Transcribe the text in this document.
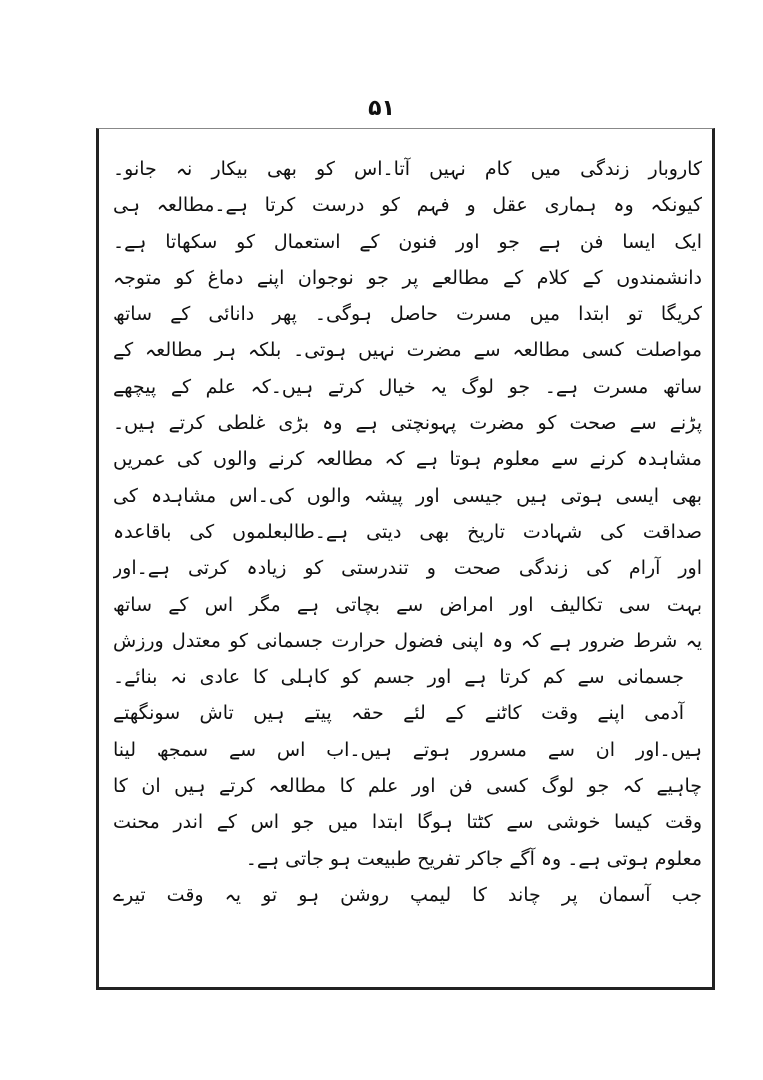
۵۱
کاروبار زندگی میں کام نہیں آتا۔اس کو بھی بیکار نہ جانو۔
کیونکہ وہ ہماری عقل و فہم کو درست کرتا ہے۔مطالعہ ہی
ایک ایسا فن ہے جو اور فنون کے استعمال کو سکھاتا ہے۔
دانشمندوں کے کلام کے مطالعے پر جو نوجوان اپنے دماغ کو متوجہ
کریگا تو ابتدا میں مسرت حاصل ہوگی۔ پھر دانائی کے ساتھ
مواصلت کسی مطالعہ سے مضرت نہیں ہوتی۔ بلکہ ہر مطالعہ کے
ساتھ مسرت ہے۔ جو لوگ یہ خیال کرتے ہیں۔کہ علم کے پیچھے
پڑنے سے صحت کو مضرت پہونچتی ہے وہ بڑی غلطی کرتے ہیں۔
مشاہدہ کرنے سے معلوم ہوتا ہے کہ مطالعہ کرنے والوں کی عمریں
بھی ایسی ہوتی ہیں جیسی اور پیشہ والوں کی۔اس مشاہدہ کی
صداقت کی شہادت تاریخ بھی دیتی ہے۔طالبعلموں کی باقاعدہ
اور آرام کی زندگی صحت و تندرستی کو زیادہ کرتی ہے۔اور
بہت سی تکالیف اور امراض سے بچاتی ہے مگر اس کے ساتھ
یہ شرط ضرور ہے کہ وہ اپنی فضول حرارت جسمانی کو معتدل ورزش
جسمانی سے کم کرتا ہے اور جسم کو کاہلی کا عادی نہ بنائے۔
آدمی اپنے وقت کاٹنے کے لئے حقہ پیتے ہیں تاش سونگھتے
ہیں۔اور ان سے مسرور ہوتے ہیں۔اب اس سے سمجھ لینا
چاہیے کہ جو لوگ کسی فن اور علم کا مطالعہ کرتے ہیں ان کا
وقت کیسا خوشی سے کٹتا ہوگا ابتدا میں جو اس کے اندر محنت
معلوم ہوتی ہے۔ وہ آگے جاکر تفریح طبیعت ہو جاتی ہے۔
جب آسمان پر چاند کا لیمپ روشن ہو تو یہ وقت تیرے
